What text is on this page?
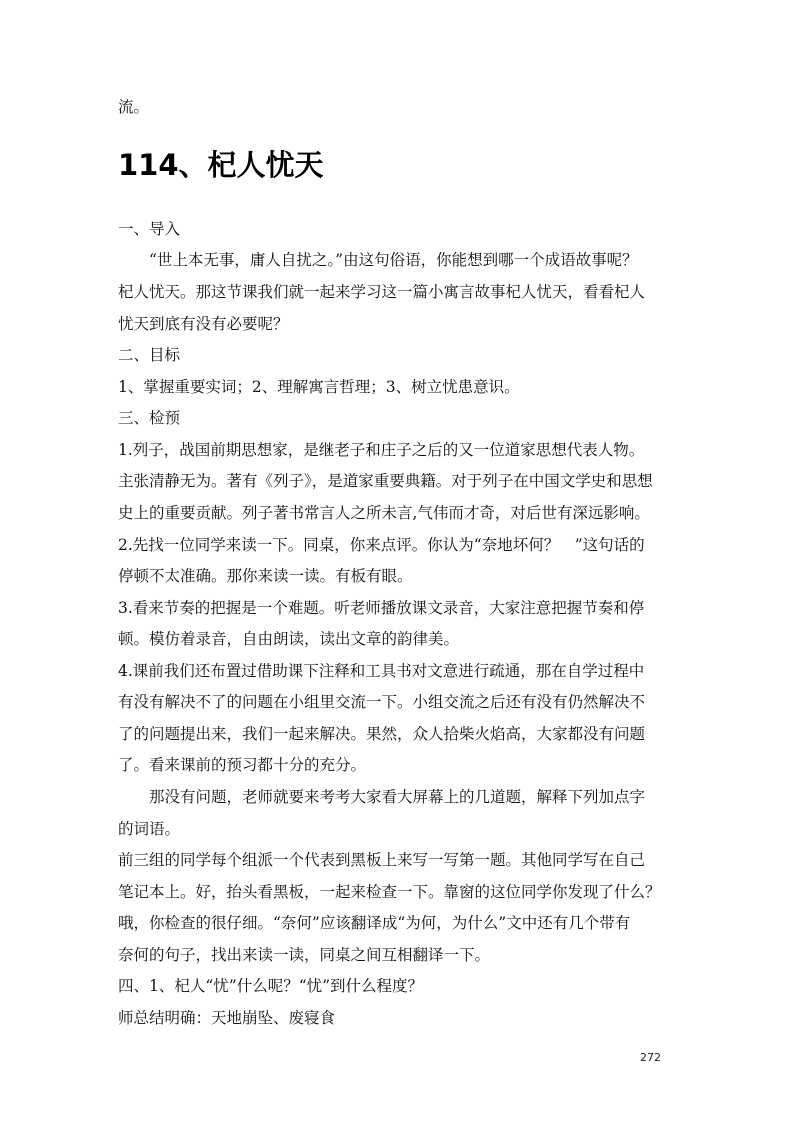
流。
114、杞人忧天
一、导入
　　“世上本无事，庸人自扰之。”由这句俗语，你能想到哪一个成语故事呢？
杞人忧天。那这节课我们就一起来学习这一篇小寓言故事杞人忧天，看看杞人
忧天到底有没有必要呢？
二、目标
1、掌握重要实词；2、理解寓言哲理；3、树立忧患意识。
三、检预
1.列子，战国前期思想家，是继老子和庄子之后的又一位道家思想代表人物。
主张清静无为。著有《列子》，是道家重要典籍。对于列子在中国文学史和思想
史上的重要贡献。列子著书常言人之所未言,气伟而才奇，对后世有深远影响。
2.先找一位同学来读一下。同桌，你来点评。你认为“奈地坏何？　”这句话的
停顿不太准确。那你来读一读。有板有眼。
3.看来节奏的把握是一个难题。听老师播放课文录音，大家注意把握节奏和停
顿。模仿着录音，自由朗读，读出文章的韵律美。
4.课前我们还布置过借助课下注释和工具书对文意进行疏通，那在自学过程中
有没有解决不了的问题在小组里交流一下。小组交流之后还有没有仍然解决不
了的问题提出来，我们一起来解决。果然，众人拾柴火焰高，大家都没有问题
了。看来课前的预习都十分的充分。
　　那没有问题，老师就要来考考大家看大屏幕上的几道题，解释下列加点字
的词语。
前三组的同学每个组派一个代表到黑板上来写一写第一题。其他同学写在自己
笔记本上。好，抬头看黑板，一起来检查一下。靠窗的这位同学你发现了什么？
哦，你检查的很仔细。“奈何”应该翻译成“为何，为什么”文中还有几个带有
奈何的句子，找出来读一读，同桌之间互相翻译一下。
四、1、杞人“忧”什么呢？“忧”到什么程度？
师总结明确：天地崩坠、废寝食
272
